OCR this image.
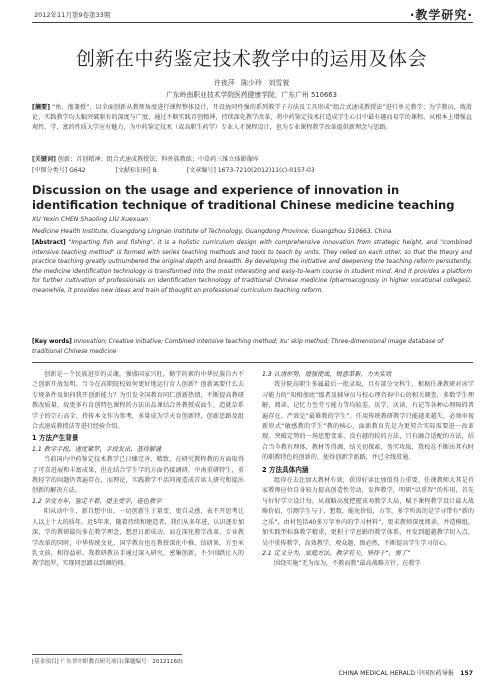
2012年11月第9卷第33期	·教学研究·
创新在中药鉴定技术教学中的运用及体会
许夜萍 陈少玲 刘雪萱
广东岭南职业技术学院医药健康学院，广东广州 510663
[摘要] “鱼、渔兼授”，以全面创新从教师角度进行课程整体设计，开设协同性强的系列教学子方法及工具形成“组合式速成教授法”进行单元教学；为学教员，坡滑论，实践教学均大幅突破原有的深度与广度，通过不断实践首创精神，持续深化教学改革，将中药鉴定技术打造成学生心目中最有趣而易学的课程，从根本上增强直观性、学，富的性质大学应有魅力，为中药鉴定技术（或高职生药学）专业人才课程设计，也为专业课程教学改革提供新理念与思路。
[关键词] 创新；首创精神；组合式速成教授法；科外族教练；中草药三维立体影像库
[中图分类号] G642	[文献标识码] B	[文章编号] 1673-7210(2012)11(c)-0157-03
Discussion on the usage and experience of innovation in identification technique of traditional Chinese medicine teaching
XU Yexin CHEN Shaoling LIU Xuexuan
Medicine Health Institute, Guangdong Lingnan Institute of Technology, Guangdong Province, Guangzhou 510663, China
[Abstract] "Imparting fish and fishing", it is a holistic curriculum design with comprehensive innovation from strategic height, and "combined intensive teaching method" is formed with series teaching methods and tools to teach by units. They relied on each other, so that the theory and practice teaching greatly outnumbered the original depth and breadth. By developing the initiative and deepening the teaching reform persistently, the medicine identification technology is transformed into the most interesting and easy-to-learn course in student mind. And it provides a platform for further cultivation of professionals on identification technology of traditional Chinese medicine (pharmacognosy in higher vocational colleges), meanwhile, it provides new ideas and train of thought on professional curriculum teaching reform.
[Key words] Innovation; Creative initiative; Combined intensive teaching method; Xu' skip method; Three-dimensional image database of traditional Chinese medicine

创新是一个民族进步的灵魂，强盛国家兴旺，勤学的素的中华民族自古不乏创新开放发明。当今在高职院校如何更好地运行育人创新？创新离要什么去专规条件及如何我开创新能力？为引发全国教育同仁创新热情，不断提高教研教改质量，故更多有育创特色课程的方法出品课结合外教授成面生，造就草系学子的宗石高全、持传本文作为参考，多量成为学天育创新特，创新思路及组合式速成教授法等进行经验介绍。

1 方法产生背景
1.1 教学手段，速度紧罗，手段发出，基持解谜

当前国内中药鉴定技术教学已日臻完善、精致，在研究教程教的方面取得了可喜进展和丰富成果，但在结合学生学的方面仍接调研，中南重研特生，重教轻学的问题仍普遍存在，而理论，实践教学不活同视造成首席人研究和提出创新的解决方法。

1.2 学交方年，鉴定不着，提主受学，连色教学

阳从动中生，新自想中出。一切创新生于量变，更自灵感，表不开思考让人以上十大的质年，近5年来，随着持续和建造者，我们从多年进，认识逐步加深，学的教研最均多在教学理念，想思日新成动，而在深化教学改革，专业教学改革的同时，中华传统文化，国学教育也在教授深化中推，结研果，方至米乳文前，相得益彰。我教研教员手通过深入研究，密集创新，不少围跌让入的教学组罗，实现同思路以到调的师。

1.3 认清形势，增强使战，锐意革新，力夫实效

我分院高职生多属最后一批录取，且有部分文科生，根据任课教研对该学习能力的“知相加底”级者及辅导员与校心理咨询中心的相关调查，多数学生理解，阅读、记忆力至劳亏能力等均较差，厌学，厌读，有记等各种心理障碍普遍存在。严效是“最难教的学生”。任用传统教研教学只能越来越失，必须审视新形式“敏感教的学生”教的核心，面新教育先是为更契合实际需要进一改革现。突破定势的一场思想变革，没有越的较的方法，只有融合适配的方法，结合当今教有理体，教材等得调，结关切探索，务实攻取，我校在不断出其有时的职教特色的创新的，使得创新学新路，并已全线贯通。

2 方法具体内涵

组得在去比加大教材有效，获得好读比加值得力重要、任课教师大其是首家教师应位自身较力提高创造性劳动，发挥教学，明研“以重智”的作用，首先与好好学立设计每，从战略高度把握该劝教学大局，赋予课程教学设计最大战略价值，引测学生与于，想数，能免价值，方等，多学所需的是学寻带有“新的之乐”，由村包括40多万字单内的学习材料”，更求教师深度阅读，并造模组，加实践型标准教学精重，更积于学息影的教学体系，并发到超越教学切入点，吴中重传教学，高效教学，观众题，级必然，不断提高学生学习信心。

2.1 定义分为，家庭方法，教学有关，坚持于“，需了”

围绕实施“无为而为，不教而教”最高战略方针，在教学

[基金项目] 广东省中职教育研究项目(课题编号：20121160)
CHINA MEDICAL HERALD 中国医药导报 157
